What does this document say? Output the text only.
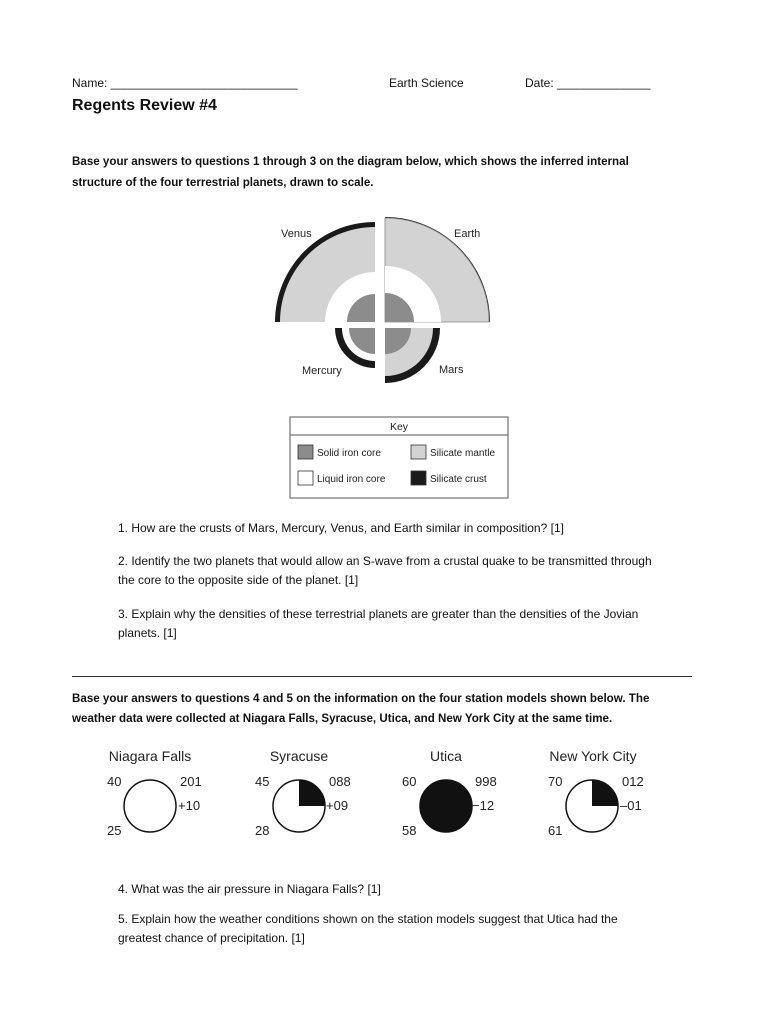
Name: ____________________________	Earth Science	Date: ______________
Regents Review #4
Base your answers to questions 1 through 3 on the diagram below, which shows the inferred internal
structure of the four terrestrial planets, drawn to scale.
Venus	Earth
Mercury	Mars
Key
Solid iron core
Liquid iron core
Silicate mantle
Silicate crust
1. How are the crusts of Mars, Mercury, Venus, and Earth similar in composition? [1]
2. Identify the two planets that would allow an S-wave from a crustal quake to be transmitted through
the core to the opposite side of the planet. [1]
3. Explain why the densities of these terrestrial planets are greater than the densities of the Jovian
planets. [1]
Base your answers to questions 4 and 5 on the information on the four station models shown below. The
weather data were collected at Niagara Falls, Syracuse, Utica, and New York City at the same time.
Niagara Falls
40	201
+10
25
Syracuse
45	088
+09
28
Utica
60	998
−12
58
New York City
70	012
–01
61
4. What was the air pressure in Niagara Falls? [1]
5. Explain how the weather conditions shown on the station models suggest that Utica had the
greatest chance of precipitation. [1]
